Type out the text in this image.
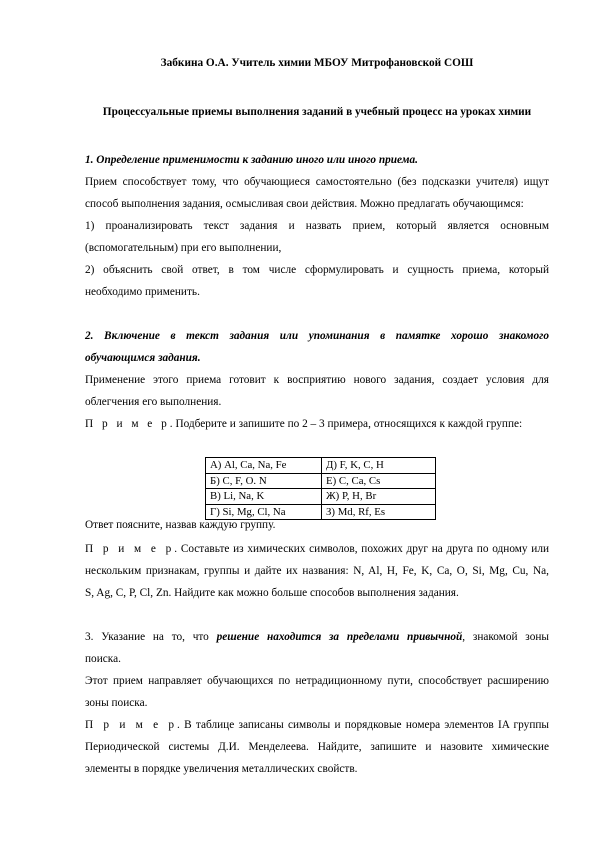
Забкина О.А. Учитель химии МБОУ Митрофановской СОШ

Процессуальные приемы выполнения заданий в учебный процесс на уроках химии

1. Определение применимости к заданию иного или иного приема.

Прием способствует тому, что обучающиеся самостоятельно (без подсказки учителя) ищут

способ выполнения задания, осмысливая свои действия. Можно предлагать обучающимся:

1) проанализировать текст задания и назвать прием, который является основным

(вспомогательным) при его выполнении,

2) объяснить свой ответ, в том числе сформулировать и сущность приема, который

необходимо применить.

2. Включение в текст задания или упоминания в памятке хорошо знакомого

обучающимся задания.

Применение этого приема готовит к восприятию нового задания, создает условия для

облегчения его выполнения.

П р и м е р. Подберите и запишите по 2 – 3 примера, относящихся к каждой группе:

А) Al, Ca, Na, Fe	Д) F, K, C, H
Б) C, F, O. N	Е) C, Ca, Cs
В) Li, Na, K	Ж) P, H, Br
Г) Si, Mg, Cl, Na	З) Md, Rf, Es

Ответ поясните, назвав каждую группу.

П р и м е р. Составьте из химических символов, похожих друг на друга по одному или

нескольким признакам, группы и дайте их названия: N, Al, H, Fe, K, Ca, O, Si, Mg, Cu, Na,

S, Ag, C, P, Cl, Zn. Найдите как можно больше способов выполнения задания.

3. Указание на то, что решение находится за пределами привычной, знакомой зоны

поиска.

Этот прием направляет обучающихся по нетрадиционному пути, способствует расширению

зоны поиска.

П р и м е р. В таблице записаны символы и порядковые номера элементов IA группы

Периодической системы Д.И. Менделеева. Найдите, запишите и назовите химические

элементы в порядке увеличения металлических свойств.
